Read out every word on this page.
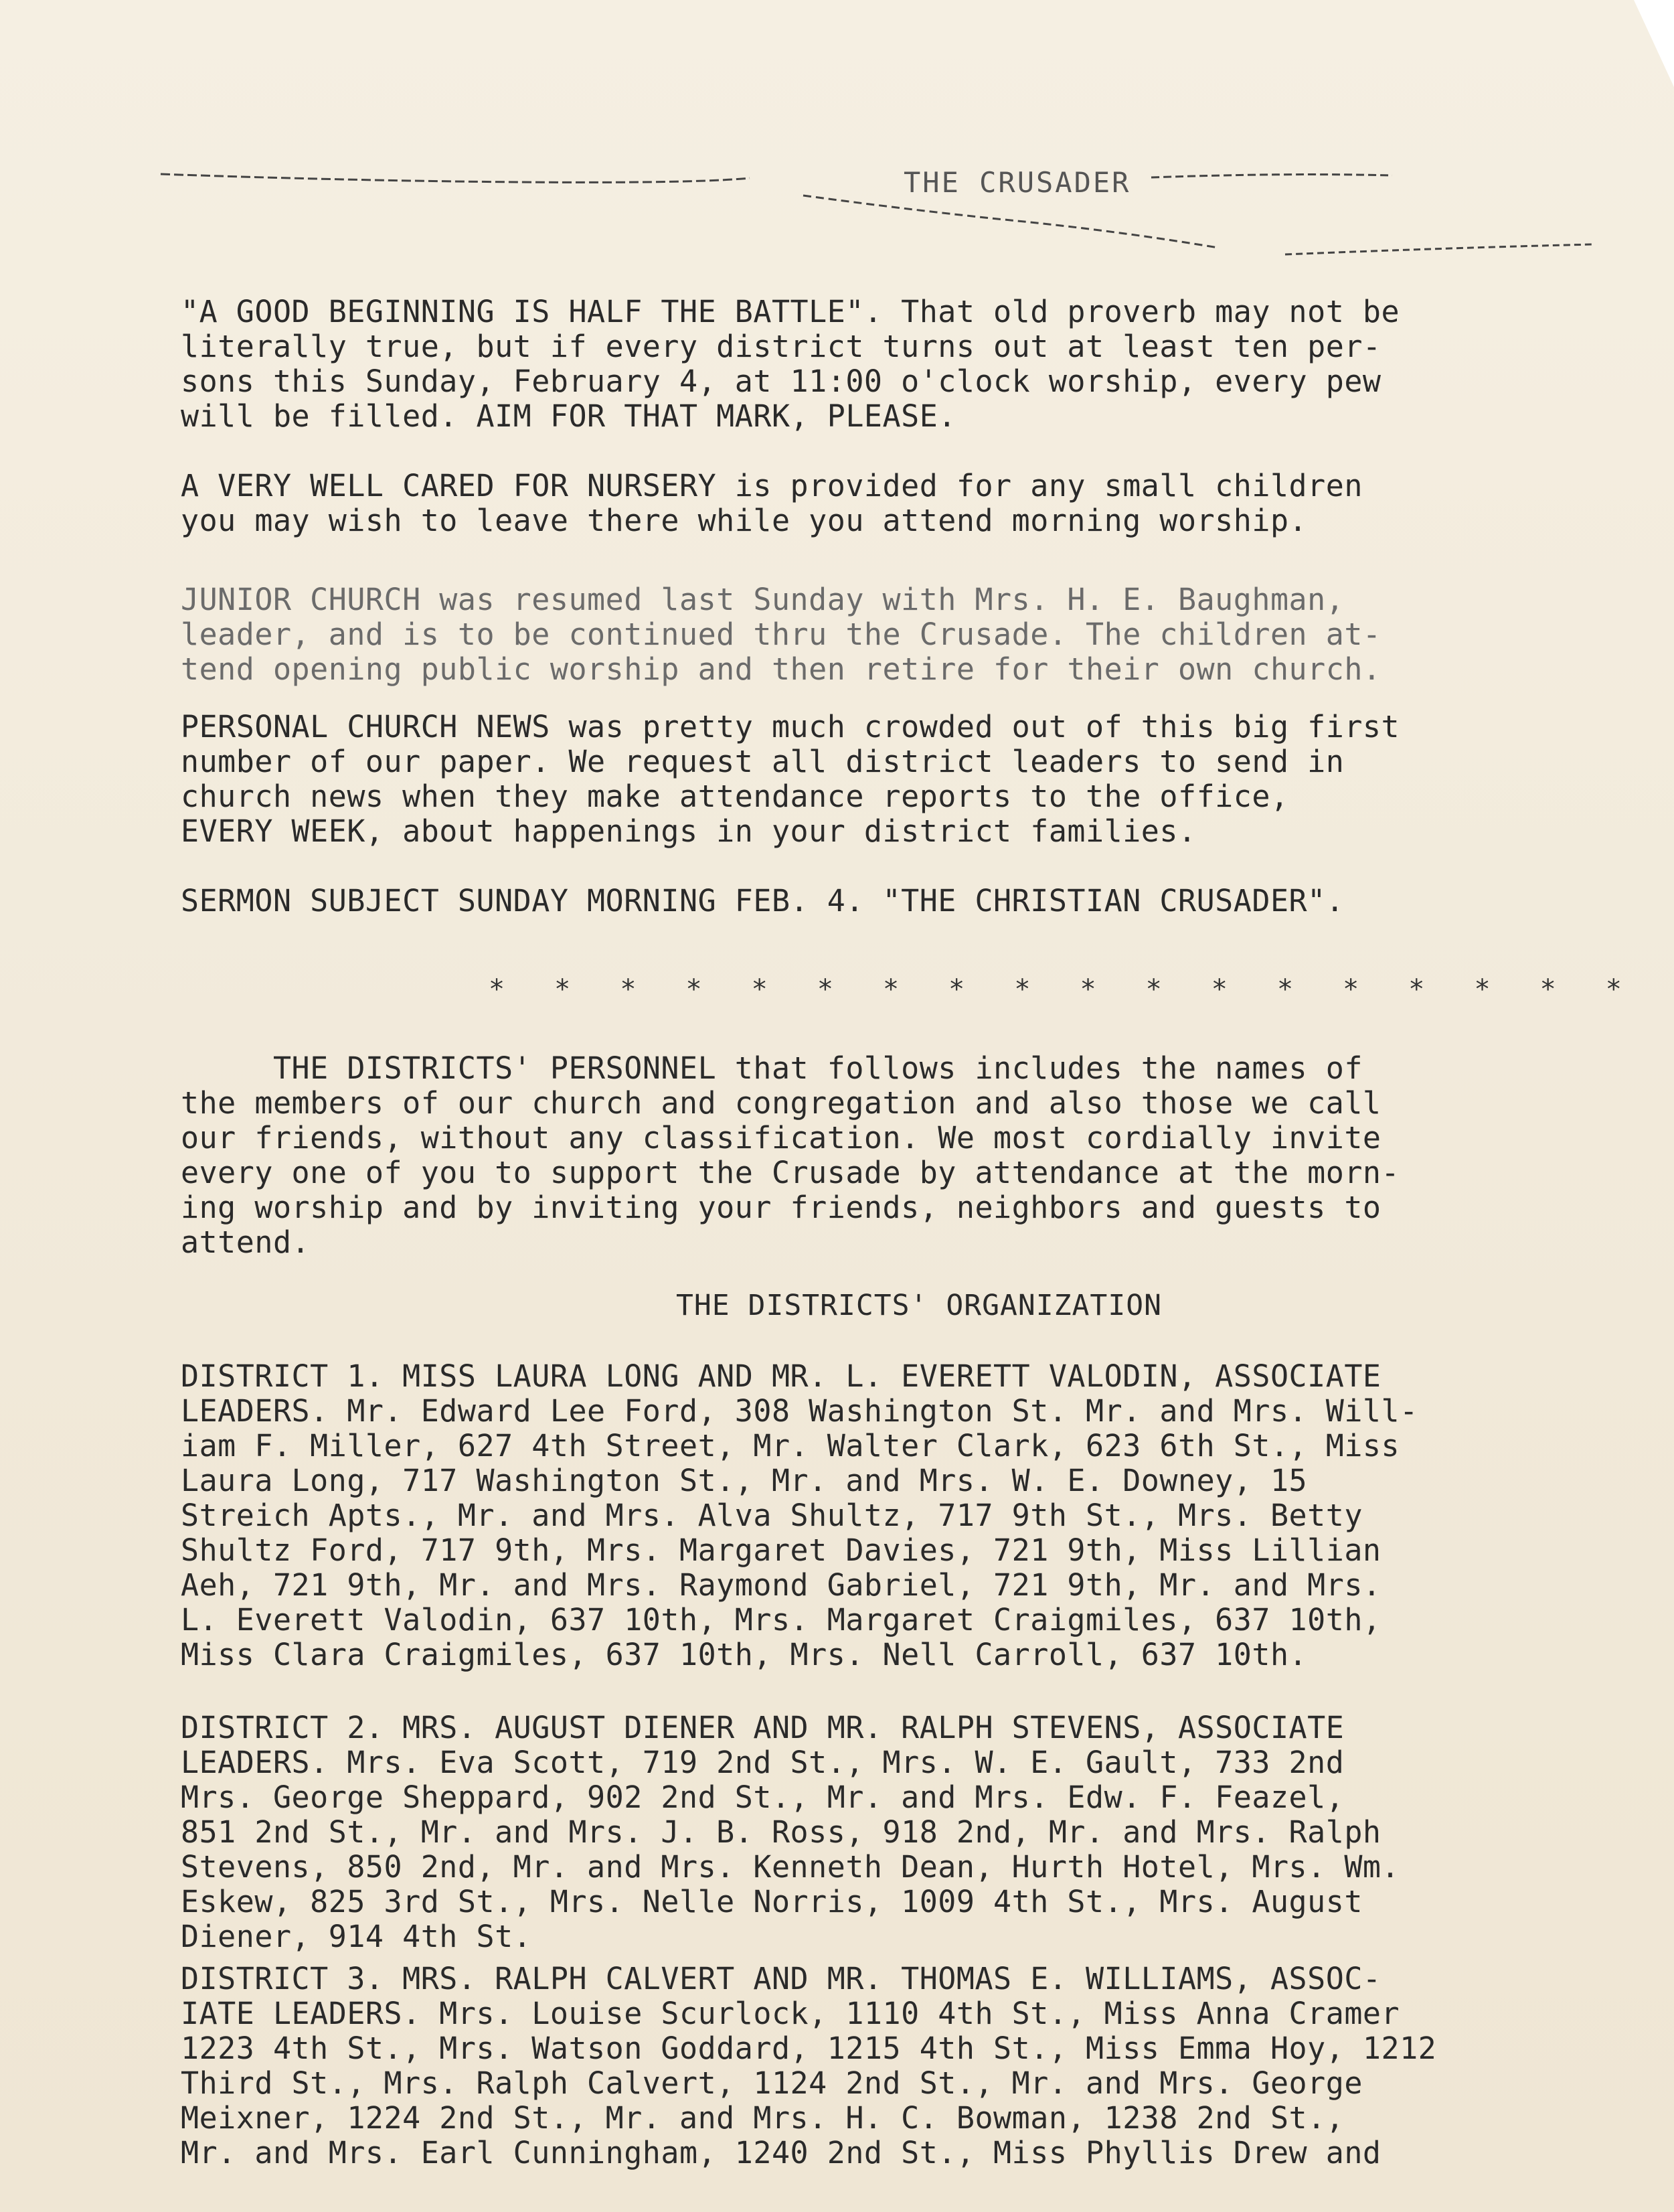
THE CRUSADER
"A GOOD BEGINNING IS HALF THE BATTLE". That old proverb may not be
literally true, but if every district turns out at least ten per-
sons this Sunday, February 4, at 11:00 o'clock worship, every pew
will be filled. AIM FOR THAT MARK, PLEASE.
A VERY WELL CARED FOR NURSERY is provided for any small children
you may wish to leave there while you attend morning worship.
JUNIOR CHURCH was resumed last Sunday with Mrs. H. E. Baughman,
leader, and is to be continued thru the Crusade. The children at-
tend opening public worship and then retire for their own church.
PERSONAL CHURCH NEWS was pretty much crowded out of this big first
number of our paper. We request all district leaders to send in
church news when they make attendance reports to the office,
EVERY WEEK, about happenings in your district families.
SERMON SUBJECT SUNDAY MORNING FEB. 4. "THE CHRISTIAN CRUSADER".
* * * * * * * * * * * * * * * * * *
THE DISTRICTS' PERSONNEL that follows includes the names of
the members of our church and congregation and also those we call
our friends, without any classification. We most cordially invite
every one of you to support the Crusade by attendance at the morn-
ing worship and by inviting your friends, neighbors and guests to
attend.
THE DISTRICTS' ORGANIZATION
DISTRICT 1. MISS LAURA LONG AND MR. L. EVERETT VALODIN, ASSOCIATE
LEADERS. Mr. Edward Lee Ford, 308 Washington St. Mr. and Mrs. Will-
iam F. Miller, 627 4th Street, Mr. Walter Clark, 623 6th St., Miss
Laura Long, 717 Washington St., Mr. and Mrs. W. E. Downey, 15
Streich Apts., Mr. and Mrs. Alva Shultz, 717 9th St., Mrs. Betty
Shultz Ford, 717 9th, Mrs. Margaret Davies, 721 9th, Miss Lillian
Aeh, 721 9th, Mr. and Mrs. Raymond Gabriel, 721 9th, Mr. and Mrs.
L. Everett Valodin, 637 10th, Mrs. Margaret Craigmiles, 637 10th,
Miss Clara Craigmiles, 637 10th, Mrs. Nell Carroll, 637 10th.
DISTRICT 2. MRS. AUGUST DIENER AND MR. RALPH STEVENS, ASSOCIATE
LEADERS. Mrs. Eva Scott, 719 2nd St., Mrs. W. E. Gault, 733 2nd
Mrs. George Sheppard, 902 2nd St., Mr. and Mrs. Edw. F. Feazel,
851 2nd St., Mr. and Mrs. J. B. Ross, 918 2nd, Mr. and Mrs. Ralph
Stevens, 850 2nd, Mr. and Mrs. Kenneth Dean, Hurth Hotel, Mrs. Wm.
Eskew, 825 3rd St., Mrs. Nelle Norris, 1009 4th St., Mrs. August
Diener, 914 4th St.
DISTRICT 3. MRS. RALPH CALVERT AND MR. THOMAS E. WILLIAMS, ASSOC-
IATE LEADERS. Mrs. Louise Scurlock, 1110 4th St., Miss Anna Cramer
1223 4th St., Mrs. Watson Goddard, 1215 4th St., Miss Emma Hoy, 1212
Third St., Mrs. Ralph Calvert, 1124 2nd St., Mr. and Mrs. George
Meixner, 1224 2nd St., Mr. and Mrs. H. C. Bowman, 1238 2nd St.,
Mr. and Mrs. Earl Cunningham, 1240 2nd St., Miss Phyllis Drew and
